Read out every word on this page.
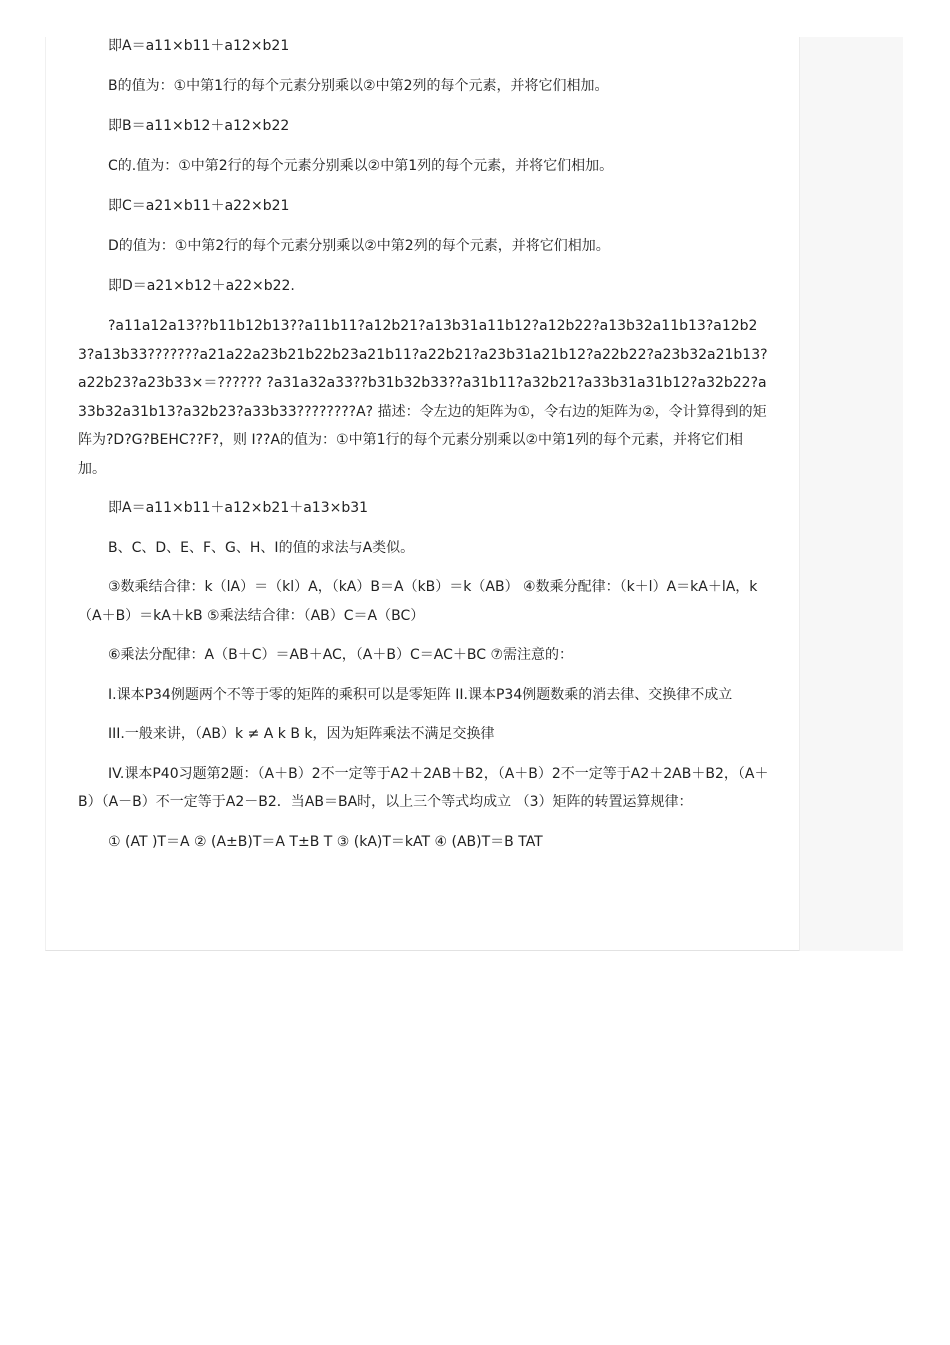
即A＝a11×b11＋a12×b21

B的值为：①中第1行的每个元素分别乘以②中第2列的每个元素，并将它们相加。

即B＝a11×b12＋a12×b22

C的.值为：①中第2行的每个元素分别乘以②中第1列的每个元素，并将它们相加。

即C＝a21×b11＋a22×b21

D的值为：①中第2行的每个元素分别乘以②中第2列的每个元素，并将它们相加。

即D＝a21×b12＋a22×b22.

?a11a12a13??b11b12b13??a11b11?a12b21?a13b31a11b12?a12b22?a13b32a11b13?a12b23?a13b33???????a21a22a23b21b22b23a21b11?a22b21?a23b31a21b12?a22b22?a23b32a21b13?a22b23?a23b33×＝?????? ?a31a32a33??b31b32b33??a31b11?a32b21?a33b31a31b12?a32b22?a33b32a31b13?a32b23?a33b33????????A? 描述：令左边的矩阵为①，令右边的矩阵为②，令计算得到的矩阵为?D?G?BEHC??F?，则 I??A的值为：①中第1行的每个元素分别乘以②中第1列的每个元素，并将它们相加。

即A＝a11×b11＋a12×b21＋a13×b31

B、C、D、E、F、G、H、I的值的求法与A类似。

③数乘结合律：k（lA）＝（kl）A，（kA）B＝A（kB）＝k（AB） ④数乘分配律：（k＋l）A＝kA＋lA，k（A＋B）＝kA＋kB ⑤乘法结合律：（AB）C＝A（BC）

⑥乘法分配律：A（B＋C）＝AB＋AC，（A＋B）C＝AC＋BC ⑦需注意的：

I.课本P34例题两个不等于零的矩阵的乘积可以是零矩阵 II.课本P34例题数乘的消去律、交换律不成立

III.一般来讲，（AB）k ≠ A k B k，因为矩阵乘法不满足交换律

IV.课本P40习题第2题：（A＋B）2不一定等于A2＋2AB＋B2，（A＋B）2不一定等于A2＋2AB＋B2，（A＋B）（A－B）不一定等于A2－B2．当AB＝BA时，以上三个等式均成立 （3）矩阵的转置运算规律：

① (AT )T＝A ② (A±B)T＝A T±B T ③ (kA)T＝kAT ④ (AB)T＝B TAT
